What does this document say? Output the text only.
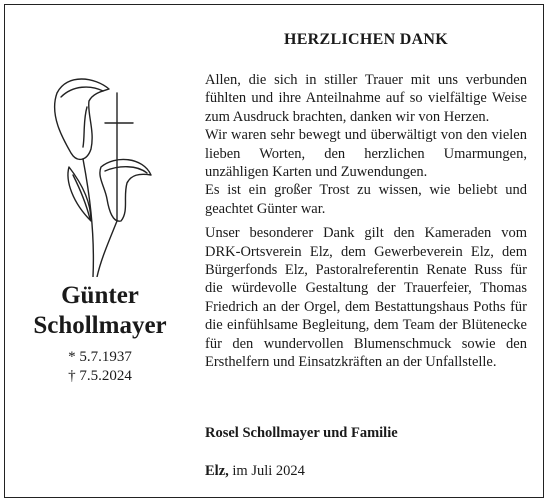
Günter
Schollmayer
* 5.7.1937
† 7.5.2024
HERZLICHEN DANK

Allen, die sich in stiller Trauer mit uns verbunden fühlten und ihre Anteilnahme auf so vielfältige Weise zum Ausdruck brachten, danken wir von Herzen.

Wir waren sehr bewegt und überwältigt von den vielen lieben Worten, den herzlichen Umarmungen, unzähligen Karten und Zuwendungen.

Es ist ein großer Trost zu wissen, wie beliebt und geachtet Günter war.

Unser besonderer Dank gilt den Kameraden vom DRK-Ortsverein Elz, dem Gewerbeverein Elz, dem Bürgerfonds Elz, Pastoralreferentin Renate Russ für die würdevolle Gestaltung der Trauerfeier, Thomas Friedrich an der Orgel, dem Bestattungshaus Poths für die einfühlsame Begleitung, dem Team der Blütenecke für den wundervollen Blumenschmuck sowie den Ersthelfern und Einsatzkräften an der Unfallstelle.

Rosel Schollmayer und Familie
Elz, im Juli 2024
